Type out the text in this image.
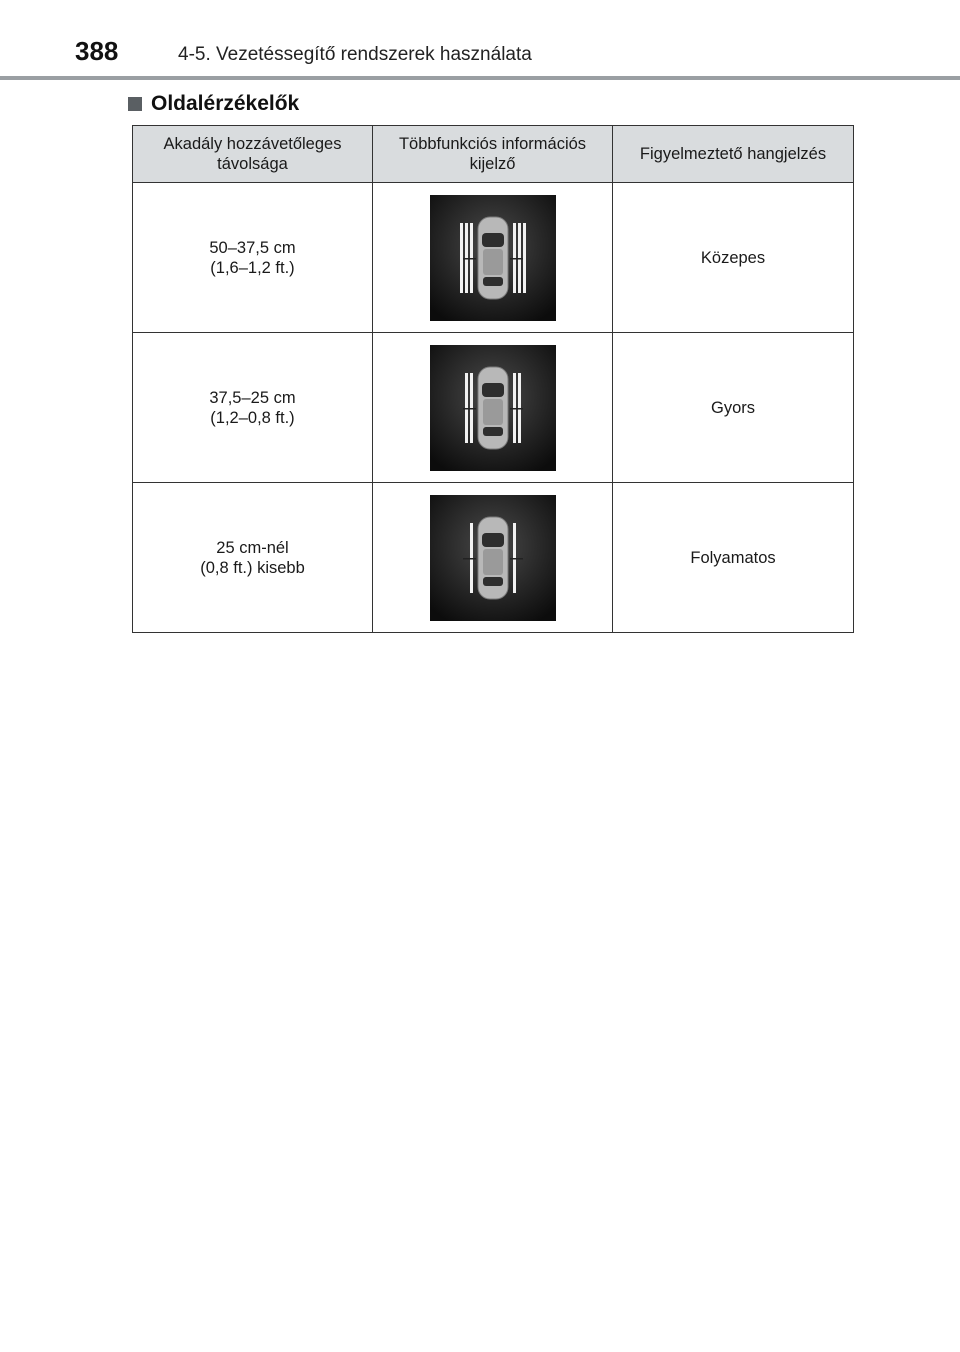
388	4-5. Vezetéssegítő rendszerek használata
Oldalérzékelők
Akadály hozzávetőleges
távolsága	Többfunkciós információs
kijelző	Figyelmeztető hangjelzés

50–37,5 cm
(1,6–1,2 ft.)		Közepes

37,5–25 cm
(1,2–0,8 ft.)		Gyors

25 cm-nél
(0,8 ft.) kisebb		Folyamatos
